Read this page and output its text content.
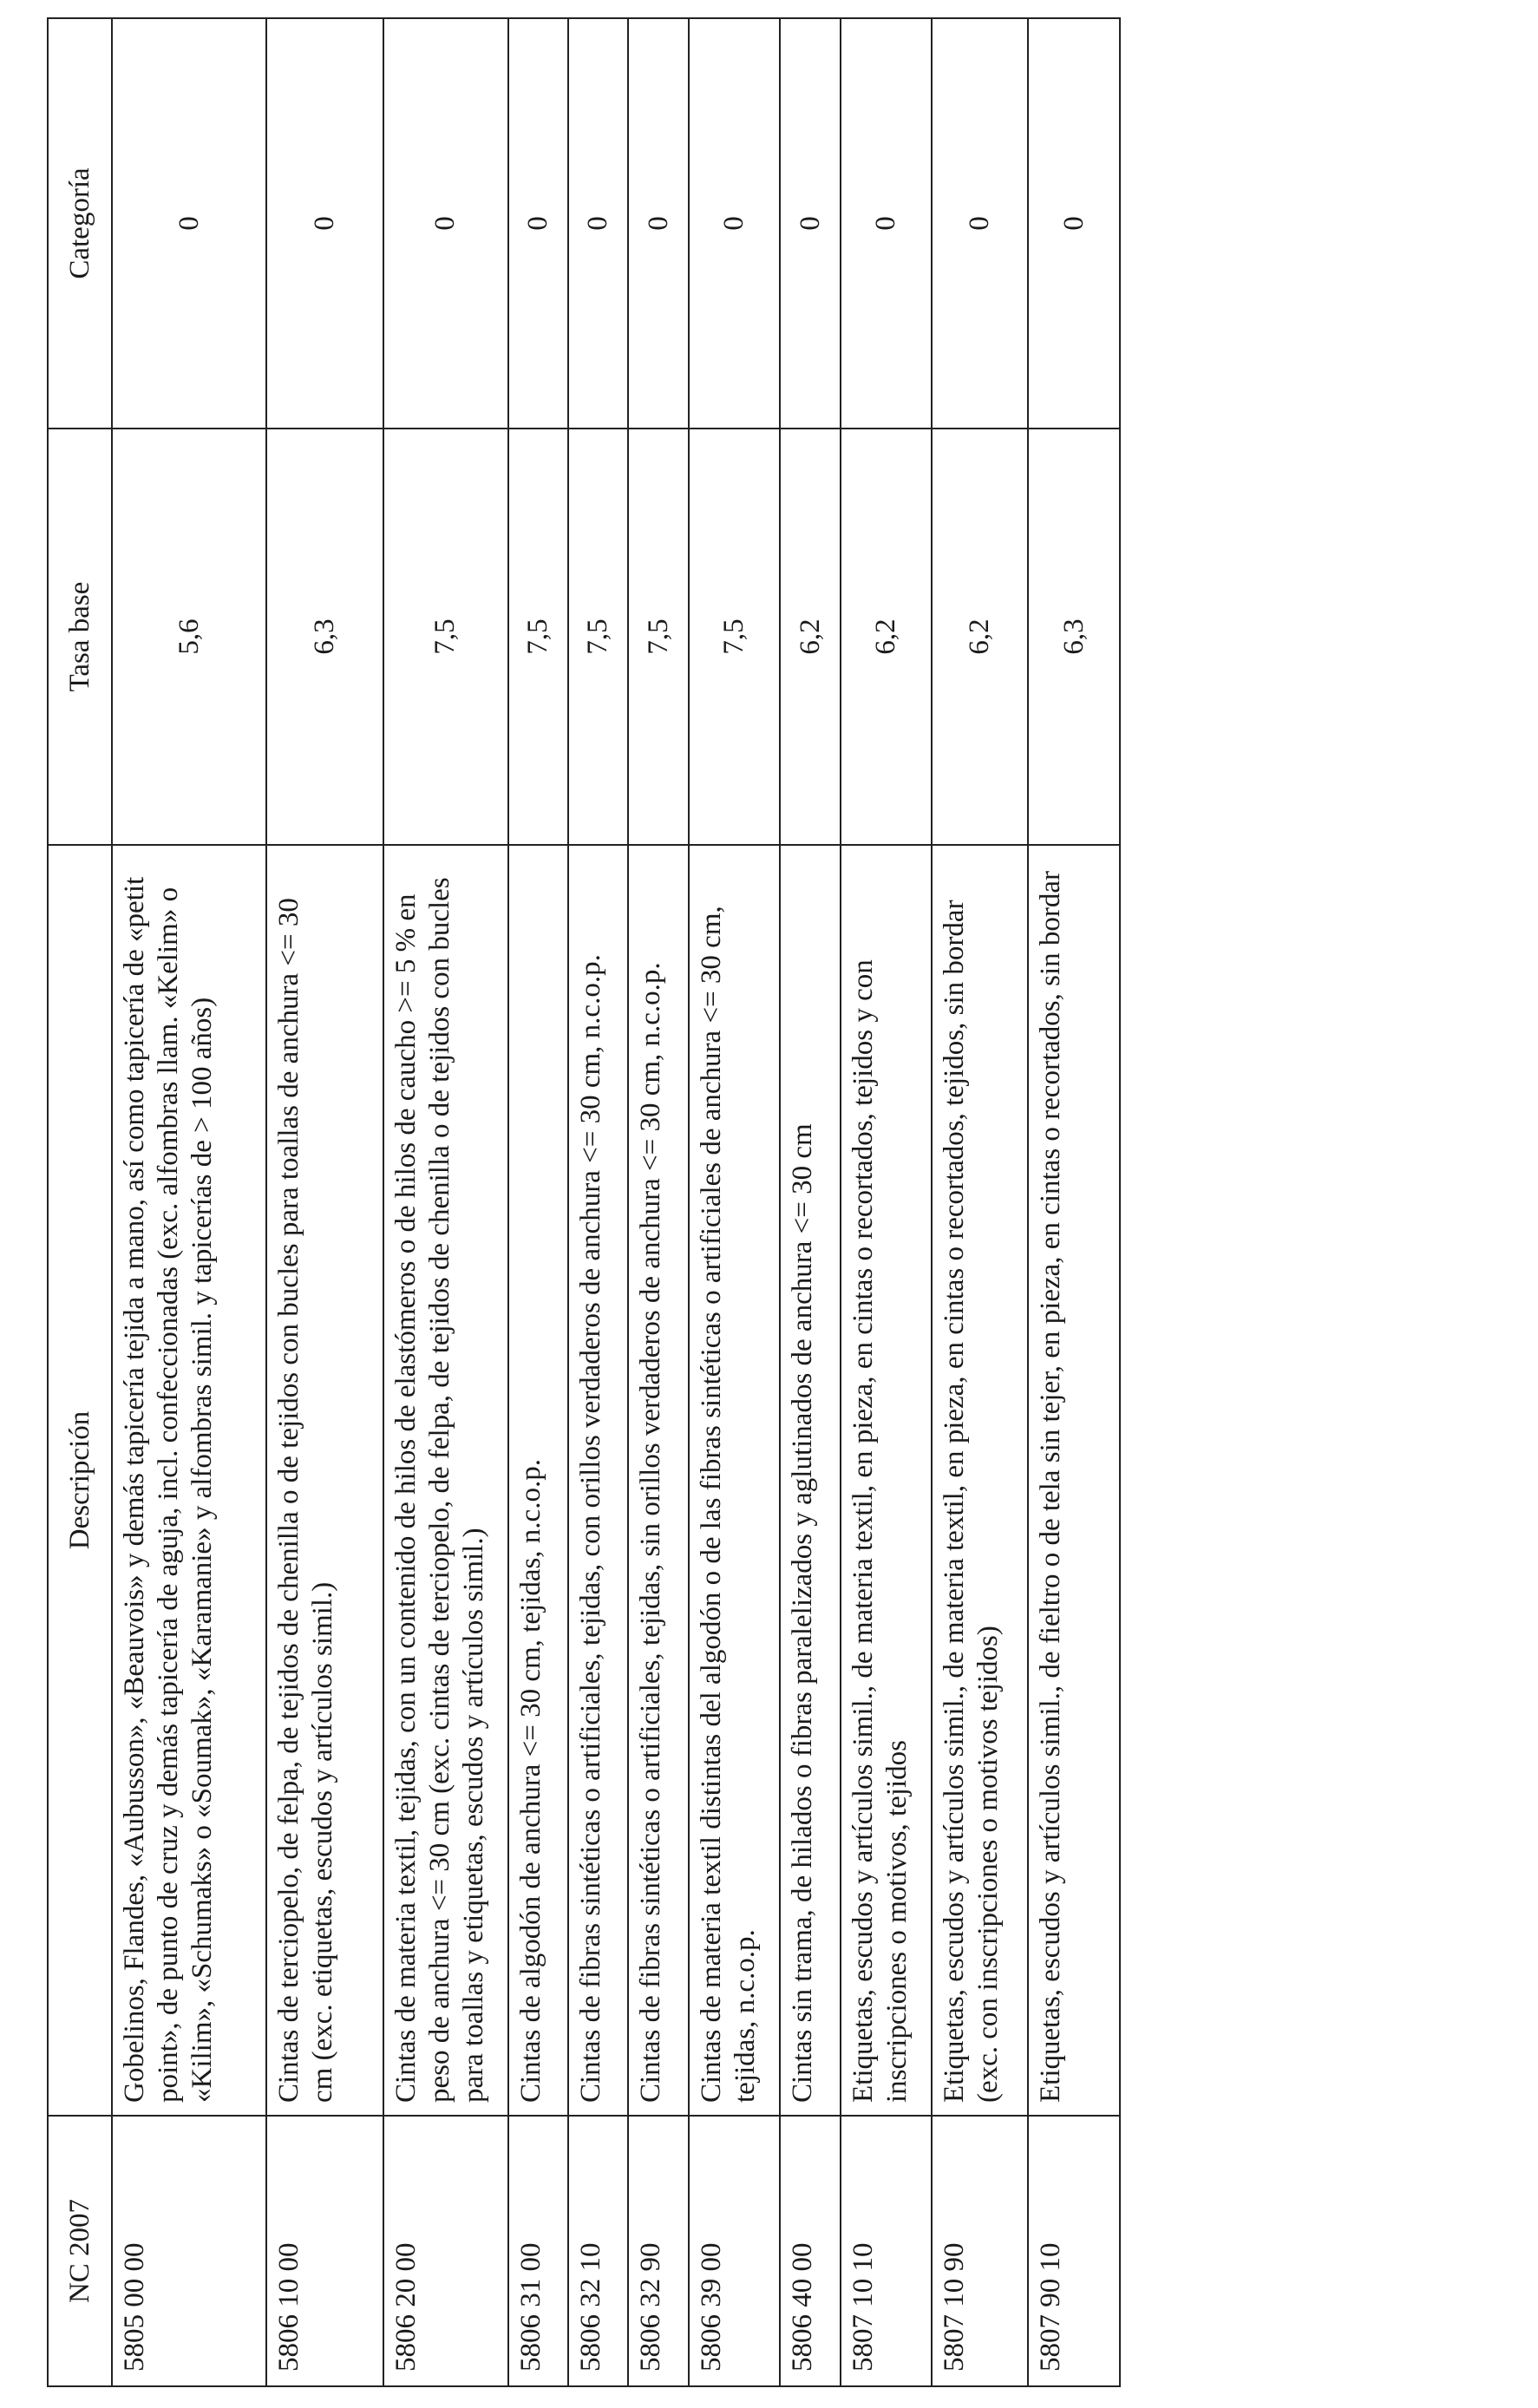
NC 2007	Descripción	Tasa base	Categoría
5805 00 00	Gobelinos, Flandes, «Aubusson», «Beauvois» y demás tapicería tejida a mano, así como tapicería de «petit point», de punto de cruz y demás tapicería de aguja, incl. confeccionadas (exc. alfombras llam. «Kelim» o «Kilim», «Schumaks» o «Soumak», «Karamanie» y alfombras simil. y tapicerías de > 100 años)	5,6	0
5806 10 00	Cintas de terciopelo, de felpa, de tejidos de chenilla o de tejidos con bucles para toallas de anchura <= 30 cm (exc. etiquetas, escudos y artículos simil.)	6,3	0
5806 20 00	Cintas de materia textil, tejidas, con un contenido de hilos de elastómeros o de hilos de caucho >= 5 % en peso de anchura <= 30 cm (exc. cintas de terciopelo, de felpa, de tejidos de chenilla o de tejidos con bucles para toallas y etiquetas, escudos y artículos simil.)	7,5	0
5806 31 00	Cintas de algodón de anchura <= 30 cm, tejidas, n.c.o.p.	7,5	0
5806 32 10	Cintas de fibras sintéticas o artificiales, tejidas, con orillos verdaderos de anchura <= 30 cm, n.c.o.p.	7,5	0
5806 32 90	Cintas de fibras sintéticas o artificiales, tejidas, sin orillos verdaderos de anchura <= 30 cm, n.c.o.p.	7,5	0
5806 39 00	Cintas de materia textil distintas del algodón o de las fibras sintéticas o artificiales de anchura <= 30 cm, tejidas, n.c.o.p.	7,5	0
5806 40 00	Cintas sin trama, de hilados o fibras paralelizados y aglutinados de anchura <= 30 cm	6,2	0
5807 10 10	Etiquetas, escudos y artículos simil., de materia textil, en pieza, en cintas o recortados, tejidos y con inscripciones o motivos, tejidos	6,2	0
5807 10 90	Etiquetas, escudos y artículos simil., de materia textil, en pieza, en cintas o recortados, tejidos, sin bordar (exc. con inscripciones o motivos tejidos)	6,2	0
5807 90 10	Etiquetas, escudos y artículos simil., de fieltro o de tela sin tejer, en pieza, en cintas o recortados, sin bordar	6,3	0
